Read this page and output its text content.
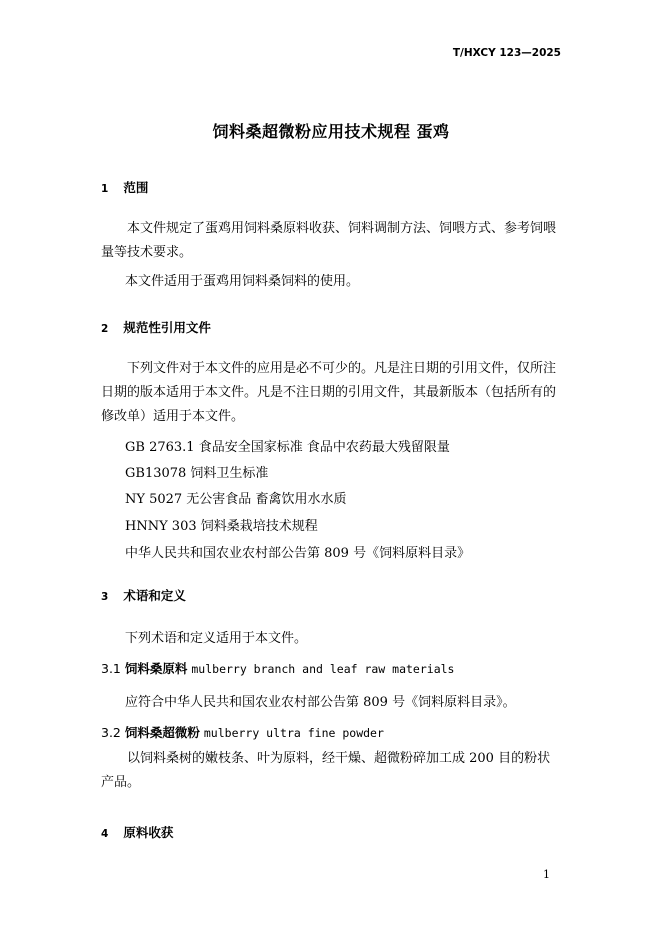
T/HXCY 123—2025
饲料桑超微粉应用技术规程 蛋鸡
1 范围
本文件规定了蛋鸡用饲料桑原料收获、饲料调制方法、饲喂方式、参考饲喂量等技术要求。
本文件适用于蛋鸡用饲料桑饲料的使用。
2 规范性引用文件
下列文件对于本文件的应用是必不可少的。凡是注日期的引用文件，仅所注日期的版本适用于本文件。凡是不注日期的引用文件，其最新版本（包括所有的修改单）适用于本文件。
GB 2763.1 食品安全国家标准 食品中农药最大残留限量
GB13078 饲料卫生标准
NY 5027 无公害食品 畜禽饮用水水质
HNNY 303 饲料桑栽培技术规程
中华人民共和国农业农村部公告第 809 号《饲料原料目录》
3 术语和定义
下列术语和定义适用于本文件。
3.1 饲料桑原料 mulberry branch and leaf raw materials
应符合中华人民共和国农业农村部公告第 809 号《饲料原料目录》。
3.2 饲料桑超微粉 mulberry ultra fine powder
以饲料桑树的嫩枝条、叶为原料，经干燥、超微粉碎加工成 200 目的粉状产品。
4 原料收获
1
